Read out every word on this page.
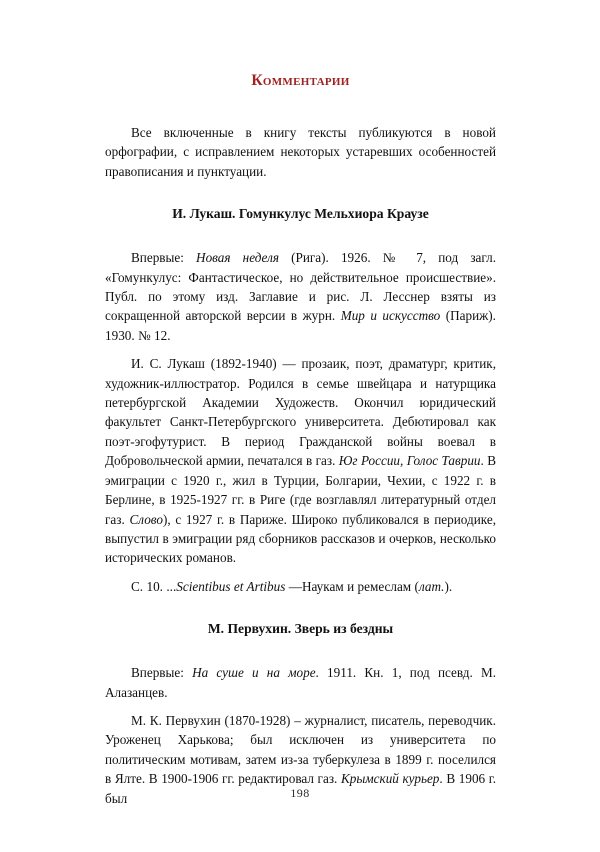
Комментарии

Все включенные в книгу тексты публикуются в новой орфографии, с исправлением некоторых устаревших особенностей правописания и пунктуации.

И. Лукаш. Гомункулус Мельхиора Краузе

Впервые: Новая неделя (Рига). 1926. № 7, под загл. «Гомункулус: Фантастическое, но действительное происшествие». Публ. по этому изд. Заглавие и рис. Л. Лесснер взяты из сокращенной авторской версии в журн. Мир и искусство (Париж). 1930. № 12.

И. С. Лукаш (1892-1940) — прозаик, поэт, драматург, критик, художник-иллюстратор. Родился в семье швейцара и натурщика петербургской Академии Художеств. Окончил юридический факультет Санкт-Петербургского университета. Дебютировал как поэт-эгофутурист. В период Гражданской войны воевал в Добровольческой армии, печатался в газ. Юг России, Голос Таврии. В эмиграции с 1920 г., жил в Турции, Болгарии, Чехии, с 1922 г. в Берлине, в 1925-1927 гг. в Риге (где возглавлял литературный отдел газ. Слово), с 1927 г. в Париже. Широко публиковался в периодике, выпустил в эмиграции ряд сборников рассказов и очерков, несколько исторических романов.

С. 10. ...Scientibus et Artibus —Наукам и ремеслам (лат.).

М. Первухин. Зверь из бездны

Впервые: На суше и на море. 1911. Кн. 1, под псевд. М. Алазанцев.

М. К. Первухин (1870-1928) – журналист, писатель, переводчик. Уроженец Харькова; был исключен из университета по политическим мотивам, затем из-за туберкулеза в 1899 г. поселился в Ялте. В 1900-1906 гг. редактировал газ. Крымский курьер. В 1906 г. был	198
